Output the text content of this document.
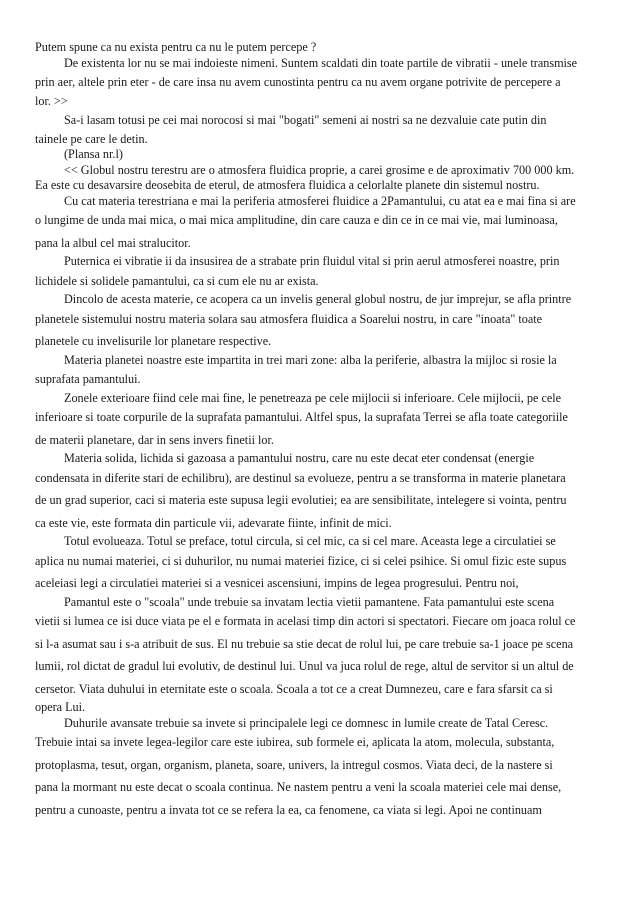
Putem spune ca nu exista pentru ca nu le putem percepe ?
De existenta lor nu se mai indoieste nimeni. Suntem scaldati din toate partile de vibratii - unele transmise
prin aer, altele prin eter - de care insa nu avem cunostinta pentru ca nu avem organe potrivite de percepere a
lor. >>
Sa-i lasam totusi pe cei mai norocosi si mai "bogati" semeni ai nostri sa ne dezvaluie cate putin din
tainele pe care le detin.
(Plansa nr.l)
<< Globul nostru terestru are o atmosfera fluidica proprie, a carei grosime e de aproximativ 700 000 km.
Ea este cu desavarsire deosebita de eterul, de atmosfera fluidica a celorlalte planete din sistemul nostru.
Cu cat materia terestriana e mai la periferia atmosferei fluidice a 2Pamantului, cu atat ea e mai fina si are
o lungime de unda mai mica, o mai mica amplitudine, din care cauza e din ce in ce mai vie, mai luminoasa,
pana la albul cel mai stralucitor.
Puternica ei vibratie ii da insusirea de a strabate prin fluidul vital si prin aerul atmosferei noastre, prin
lichidele si solidele pamantului, ca si cum ele nu ar exista.
Dincolo de acesta materie, ce acopera ca un invelis general globul nostru, de jur imprejur, se afla printre
planetele sistemului nostru materia solara sau atmosfera fluidica a Soarelui nostru, in care "inoata" toate
planetele cu invelisurile lor planetare respective.
Materia planetei noastre este impartita in trei mari zone: alba la periferie, albastra la mijloc si rosie la
suprafata pamantului.
Zonele exterioare fiind cele mai fine, le penetreaza pe cele mijlocii si inferioare. Cele mijlocii, pe cele
inferioare si toate corpurile de la suprafata pamantului. Altfel spus, la suprafata Terrei se afla toate categoriile
de materii planetare, dar in sens invers finetii lor.
Materia solida, lichida si gazoasa a pamantului nostru, care nu este decat eter condensat (energie
condensata in diferite stari de echilibru), are destinul sa evolueze, pentru a se transforma in materie planetara
de un grad superior, caci si materia este supusa legii evolutiei; ea are sensibilitate, intelegere si vointa, pentru
ca este vie, este formata din particule vii, adevarate fiinte, infinit de mici.
Totul evolueaza. Totul se preface, totul circula, si cel mic, ca si cel mare. Aceasta lege a circulatiei se
aplica nu numai materiei, ci si duhurilor, nu numai materiei fizice, ci si celei psihice. Si omul fizic este supus
aceleiasi legi a circulatiei materiei si a vesnicei ascensiuni, impins de legea progresului. Pentru noi,
Pamantul este o "scoala" unde trebuie sa invatam lectia vietii pamantene. Fata pamantului este scena
vietii si lumea ce isi duce viata pe el e formata in acelasi timp din actori si spectatori. Fiecare om joaca rolul ce
si l-a asumat sau i s-a atribuit de sus. El nu trebuie sa stie decat de rolul lui, pe care trebuie sa-1 joace pe scena
lumii, rol dictat de gradul lui evolutiv, de destinul lui. Unul va juca rolul de rege, altul de servitor si un altul de
cersetor. Viata duhului in eternitate este o scoala. Scoala a tot ce a creat Dumnezeu, care e fara sfarsit ca si
opera Lui.
Duhurile avansate trebuie sa invete si principalele legi ce domnesc in lumile create de Tatal Ceresc.
Trebuie intai sa invete legea-legilor care este iubirea, sub formele ei, aplicata la atom, molecula, substanta,
protoplasma, tesut, organ, organism, planeta, soare, univers, la intregul cosmos. Viata deci, de la nastere si
pana la mormant nu este decat o scoala continua. Ne nastem pentru a veni la scoala materiei cele mai dense,
pentru a cunoaste, pentru a invata tot ce se refera la ea, ca fenomene, ca viata si legi. Apoi ne continuam
